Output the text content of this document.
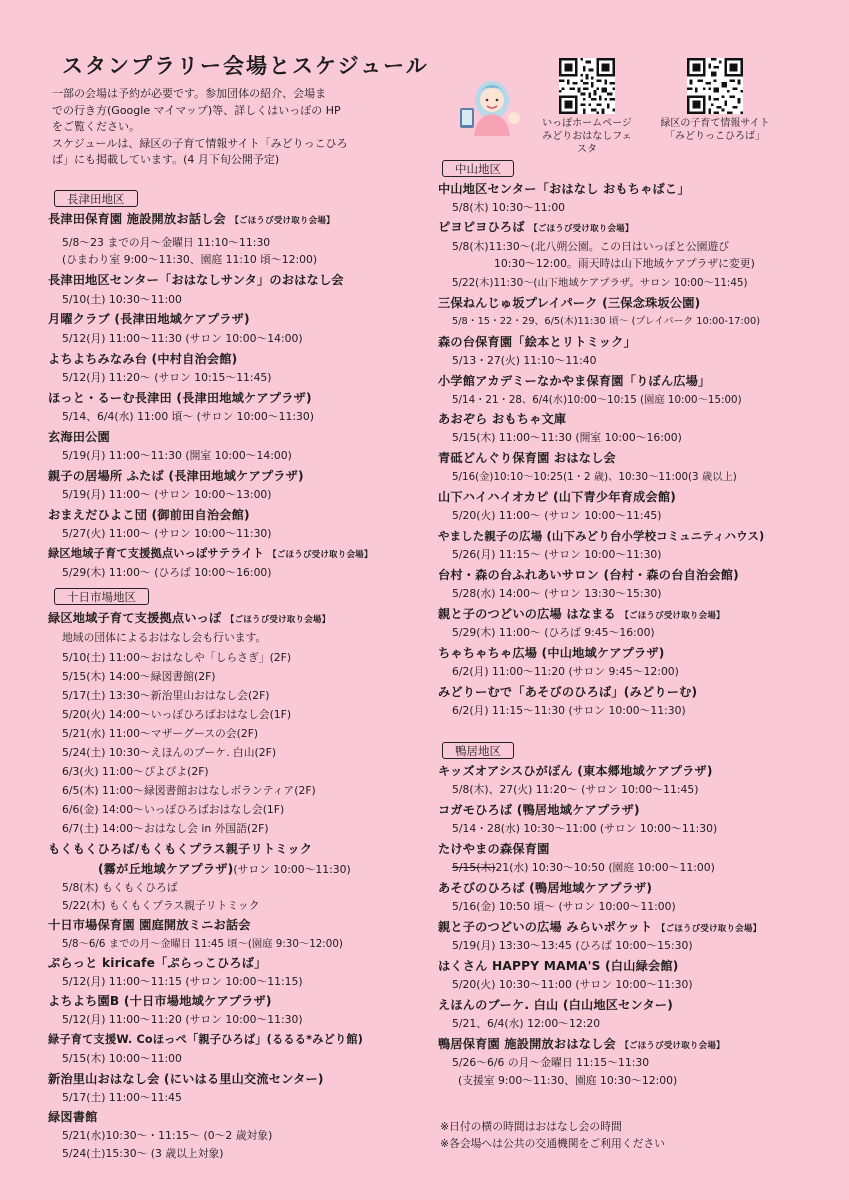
スタンプラリー会場とスケジュール

一部の会場は予約が必要です。参加団体の紹介、会場ま

での行き方(Google マイマップ)等、詳しくはいっぽの HP

をご覧ください。

スケジュールは、緑区の子育て情報サイト「みどりっこひろ

ば」にも掲載しています。(4 月下旬公開予定)

いっぽホームページ
みどりおはなしフェスタ
緑区の子育て情報サイト
「みどりっこひろば」
長津田地区
長津田保育園 施設開放お話し会 【ごほうび受け取り会場】
5/8～23 までの月～金曜日 11:10～11:30
(ひまわり室 9:00～11:30、園庭 11:10 頃～12:00)
長津田地区センター「おはなしサンタ」のおはなし会
5/10(土) 10:30～11:00
月曜クラブ (長津田地域ケアプラザ)
5/12(月) 11:00～11:30 (サロン 10:00～14:00)
よちよちみなみ台 (中村自治会館)
5/12(月) 11:20～ (サロン 10:15～11:45)
ほっと・るーむ長津田 (長津田地域ケアプラザ)
5/14、6/4(水) 11:00 頃～ (サロン 10:00～11:30)
玄海田公園
5/19(月) 11:00～11:30 (開室 10:00～14:00)
親子の居場所 ふたば (長津田地域ケアプラザ)
5/19(月) 11:00～ (サロン 10:00～13:00)
おまえだひよこ団 (御前田自治会館)
5/27(火) 11:00～ (サロン 10:00～11:30)
緑区地域子育て支援拠点いっぽサテライト 【ごほうび受け取り会場】
5/29(木) 11:00～ (ひろば 10:00～16:00)
十日市場地区
緑区地域子育て支援拠点いっぽ 【ごほうび受け取り会場】
地域の団体によるおはなし会も行います。
5/10(土) 11:00～おはなしや「しらさぎ」(2F)
5/15(木) 14:00～緑図書館(2F)
5/17(土) 13:30～新治里山おはなし会(2F)
5/20(火) 14:00～いっぽひろばおはなし会(1F)
5/21(水) 11:00～マザーグースの会(2F)
5/24(土) 10:30～えほんのブーケ. 白山(2F)
6/3(火) 11:00～ぴよぴよ(2F)
6/5(木) 11:00～緑図書館おはなしボランティア(2F)
6/6(金) 14:00～いっぽひろばおはなし会(1F)
6/7(土) 14:00～おはなし会 in 外国語(2F)
もくもくひろば/もくもくプラス親子リトミック
(霧が丘地域ケアプラザ)(サロン 10:00～11:30)
5/8(木) もくもくひろば
5/22(木) もくもくプラス親子リトミック
十日市場保育園 園庭開放ミニお話会
5/8～6/6 までの月～金曜日 11:45 頃～(園庭 9:30～12:00)
ぷらっと kiricafe「ぷらっこひろば」
5/12(月) 11:00～11:15 (サロン 10:00～11:15)
よちよち園B (十日市場地域ケアプラザ)
5/12(月) 11:00～11:20 (サロン 10:00～11:30)
緑子育て支援W. Coほっぺ「親子ひろば」(るるる*みどり館)
5/15(木) 10:00～11:00
新治里山おはなし会 (にいはる里山交流センター)
5/17(土) 11:00～11:45
緑図書館
5/21(水)10:30～・11:15～ (0～2 歳対象)
5/24(土)15:30～ (3 歳以上対象)
中山地区
中山地区センター「おはなし おもちゃばこ」
5/8(木) 10:30～11:00
ピヨピヨひろば 【ごほうび受け取り会場】
5/8(木)11:30～(北八朔公園。この日はいっぽと公園遊び
10:30～12:00。雨天時は山下地域ケアプラザに変更)
5/22(木)11:30～(山下地域ケアプラザ。サロン 10:00～11:45)
三保ねんじゅ坂プレイパーク (三保念珠坂公園)
5/8・15・22・29、6/5(木)11:30 頃～ (プレイパーク 10:00-17:00)
森の台保育園「絵本とリトミック」
5/13・27(火) 11:10～11:40
小学館アカデミーなかやま保育園「りぼん広場」
5/14・21・28、6/4(水)10:00～10:15 (園庭 10:00～15:00)
あおぞら おもちゃ文庫
5/15(木) 11:00～11:30 (開室 10:00～16:00)
青砥どんぐり保育園 おはなし会
5/16(金)10:10～10:25(1・2 歳)、10:30～11:00(3 歳以上)
山下ハイハイオカピ (山下青少年育成会館)
5/20(火) 11:00～ (サロン 10:00～11:45)
やました親子の広場 (山下みどり台小学校コミュニティハウス)
5/26(月) 11:15～ (サロン 10:00～11:30)
台村・森の台ふれあいサロン (台村・森の台自治会館)
5/28(水) 14:00～ (サロン 13:30～15:30)
親と子のつどいの広場 はなまる 【ごほうび受け取り会場】
5/29(木) 11:00～ (ひろば 9:45～16:00)
ちゃちゃちゃ広場 (中山地域ケアプラザ)
6/2(月) 11:00～11:20 (サロン 9:45～12:00)
みどりーむで「あそびのひろば」(みどりーむ)
6/2(月) 11:15～11:30 (サロン 10:00～11:30)
鴨居地区
キッズオアシスひがぽん (東本郷地域ケアプラザ)
5/8(木)、27(火) 11:20～ (サロン 10:00～11:45)
コガモひろば (鴨居地域ケアプラザ)
5/14・28(水) 10:30～11:00 (サロン 10:00～11:30)
たけやまの森保育園
5/15(木)21(水) 10:30～10:50 (園庭 10:00～11:00)
あそびのひろば (鴨居地域ケアプラザ)
5/16(金) 10:50 頃～ (サロン 10:00～11:00)
親と子のつどいの広場 みらいポケット 【ごほうび受け取り会場】
5/19(月) 13:30～13:45 (ひろば 10:00～15:30)
はくさん HAPPY MAMA'S (白山緑会館)
5/20(火) 10:30～11:00 (サロン 10:00～11:30)
えほんのブーケ. 白山 (白山地区センター)
5/21、6/4(水) 12:00～12:20
鴨居保育園 施設開放おはなし会 【ごほうび受け取り会場】
5/26～6/6 の月～金曜日 11:15～11:30
(支援室 9:00～11:30、園庭 10:30～12:00)
※日付の横の時間はおはなし会の時間
※各会場へは公共の交通機関をご利用ください
